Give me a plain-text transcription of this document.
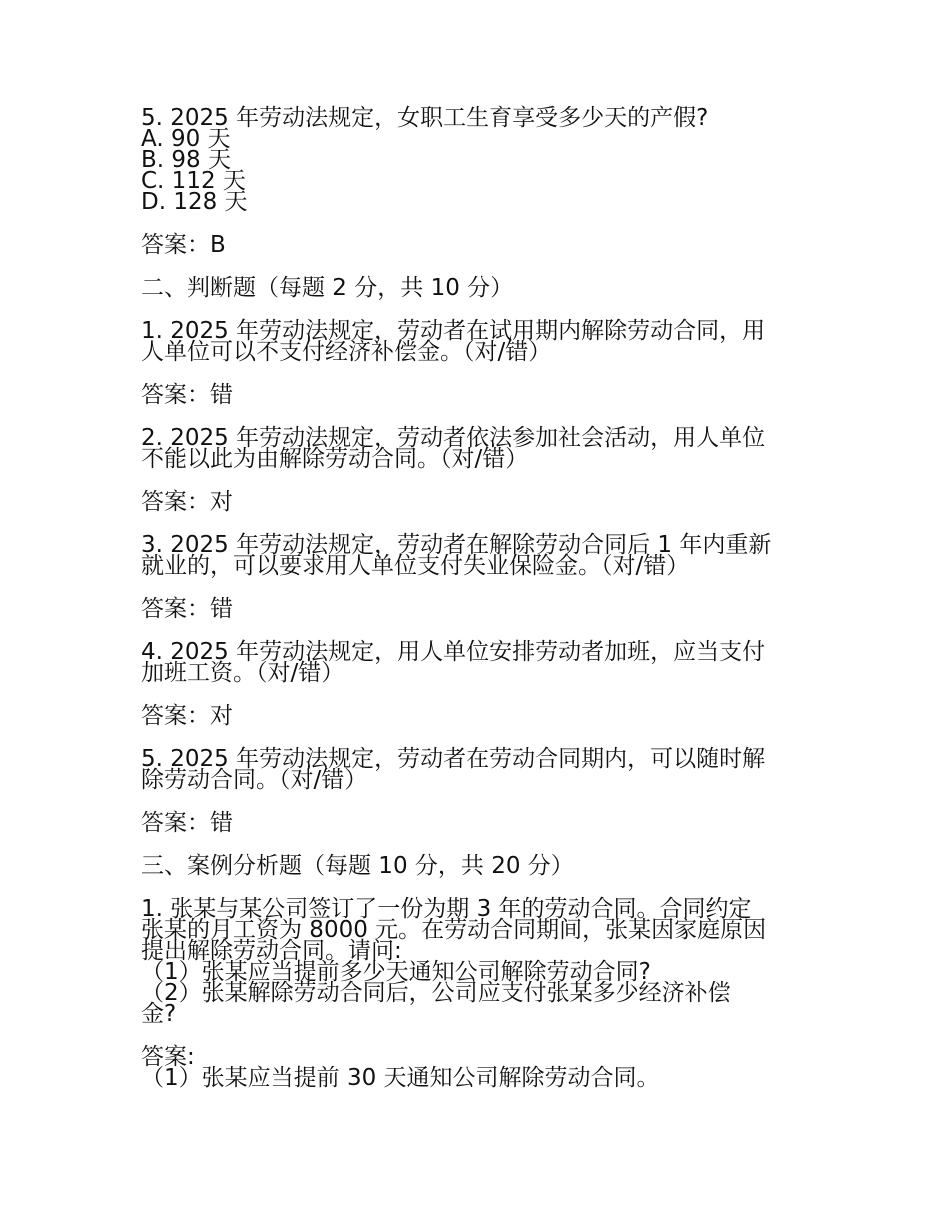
5. 2025 年劳动法规定，女职工生育享受多少天的产假?

A. 90 天

B. 98 天

C. 112 天

D. 128 天

答案：B

二、判断题（每题 2 分，共 10 分）

1. 2025 年劳动法规定，劳动者在试用期内解除劳动合同，用

人单位可以不支付经济补偿金。（对/错）

答案：错

2. 2025 年劳动法规定，劳动者依法参加社会活动，用人单位

不能以此为由解除劳动合同。（对/错）

答案：对

3. 2025 年劳动法规定，劳动者在解除劳动合同后 1 年内重新

就业的，可以要求用人单位支付失业保险金。（对/错）

答案：错

4. 2025 年劳动法规定，用人单位安排劳动者加班，应当支付

加班工资。（对/错）

答案：对

5. 2025 年劳动法规定，劳动者在劳动合同期内，可以随时解

除劳动合同。（对/错）

答案：错

三、案例分析题（每题 10 分，共 20 分）

1. 张某与某公司签订了一份为期 3 年的劳动合同。合同约定

张某的月工资为 8000 元。在劳动合同期间，张某因家庭原因

提出解除劳动合同。请问:

（1）张某应当提前多少天通知公司解除劳动合同?

（2）张某解除劳动合同后，公司应支付张某多少经济补偿

金?

答案:

（1）张某应当提前 30 天通知公司解除劳动合同。
